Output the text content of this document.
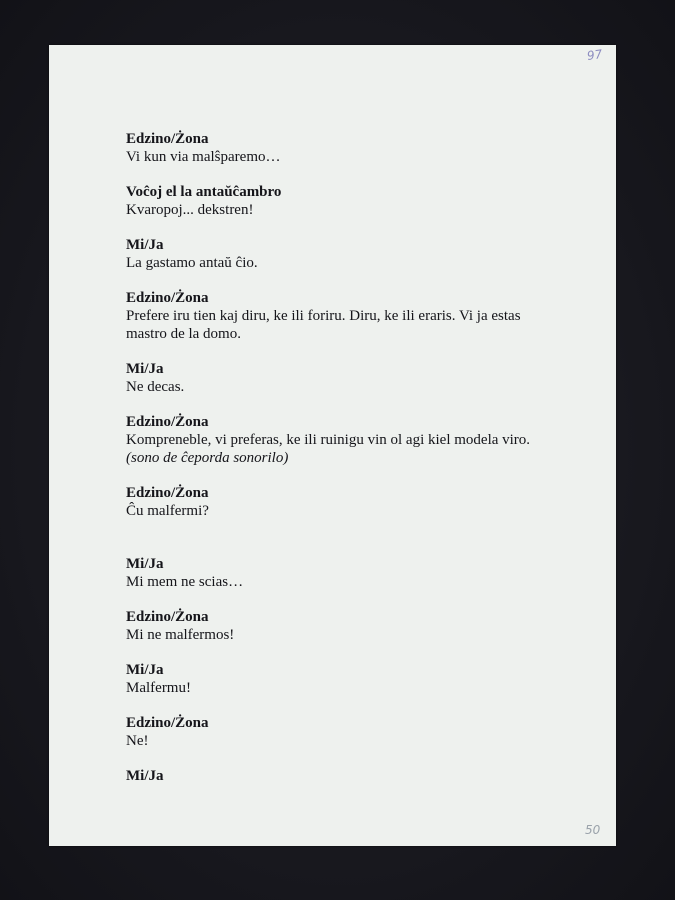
97
50
Edzino/Żona
Vi kun via malŝparemo…
Voĉoj el la antaŭĉambro
Kvaropoj... dekstren!
Mi/Ja
La gastamo antaŭ ĉio.
Edzino/Żona
Prefere iru tien kaj diru, ke ili foriru. Diru, ke ili eraris. Vi ja estas
mastro de la domo.
Mi/Ja
Ne decas.
Edzino/Żona
Kompreneble, vi preferas, ke ili ruinigu vin ol agi kiel modela viro.
(sono de ĉeporda sonorilo)
Edzino/Żona
Ĉu malfermi?
Mi/Ja
Mi mem ne scias…
Edzino/Żona
Mi ne malfermos!
Mi/Ja
Malfermu!
Edzino/Żona
Ne!
Mi/Ja
